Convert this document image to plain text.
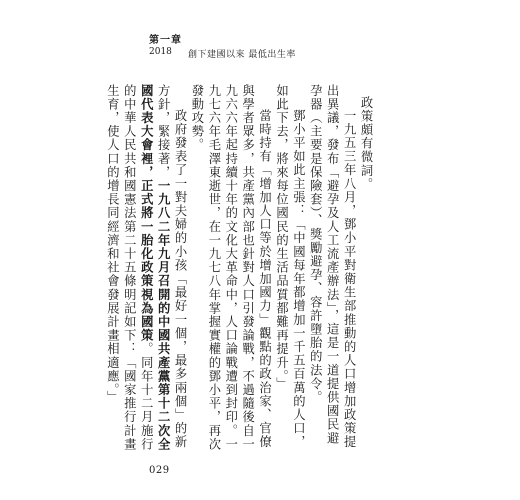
第一章
2018 創下建國以來 最低出生率

政策頗有微詞。

一九五三年八月，鄧小平對衛生部推動的人口增加政策提出異議，發布「避孕及人工流產辦法」，這是一道提供國民避孕器（主要是保險套）、獎勵避孕、容許墮胎的法令。

鄧小平如此主張：「中國每年都增加一千五百萬的人口，如此下去，將來每位國民的生活品質都難再提升。」

當時持有「增加人口等於增加國力」觀點的政治家、官僚與學者眾多，共產黨內部也針對人口引發論戰，不過隨後自一九六六年起持續十年的文化大革命中，人口論戰遭到封印。一九七六年毛澤東逝世，在一九七八年掌握實權的鄧小平，再次發動攻勢。

政府發表了一對夫婦的小孩「最好一個，最多兩個」的新方針，緊接著，一九八二年九月召開的中國共產黨第十二次全國代表大會裡，正式將一胎化政策視為國策。同年十二月施行的中華人民共和國憲法第二十五條明記如下：「國家推行計畫生育，使人口的增長同經濟和社會發展計畫相適應。」

029
